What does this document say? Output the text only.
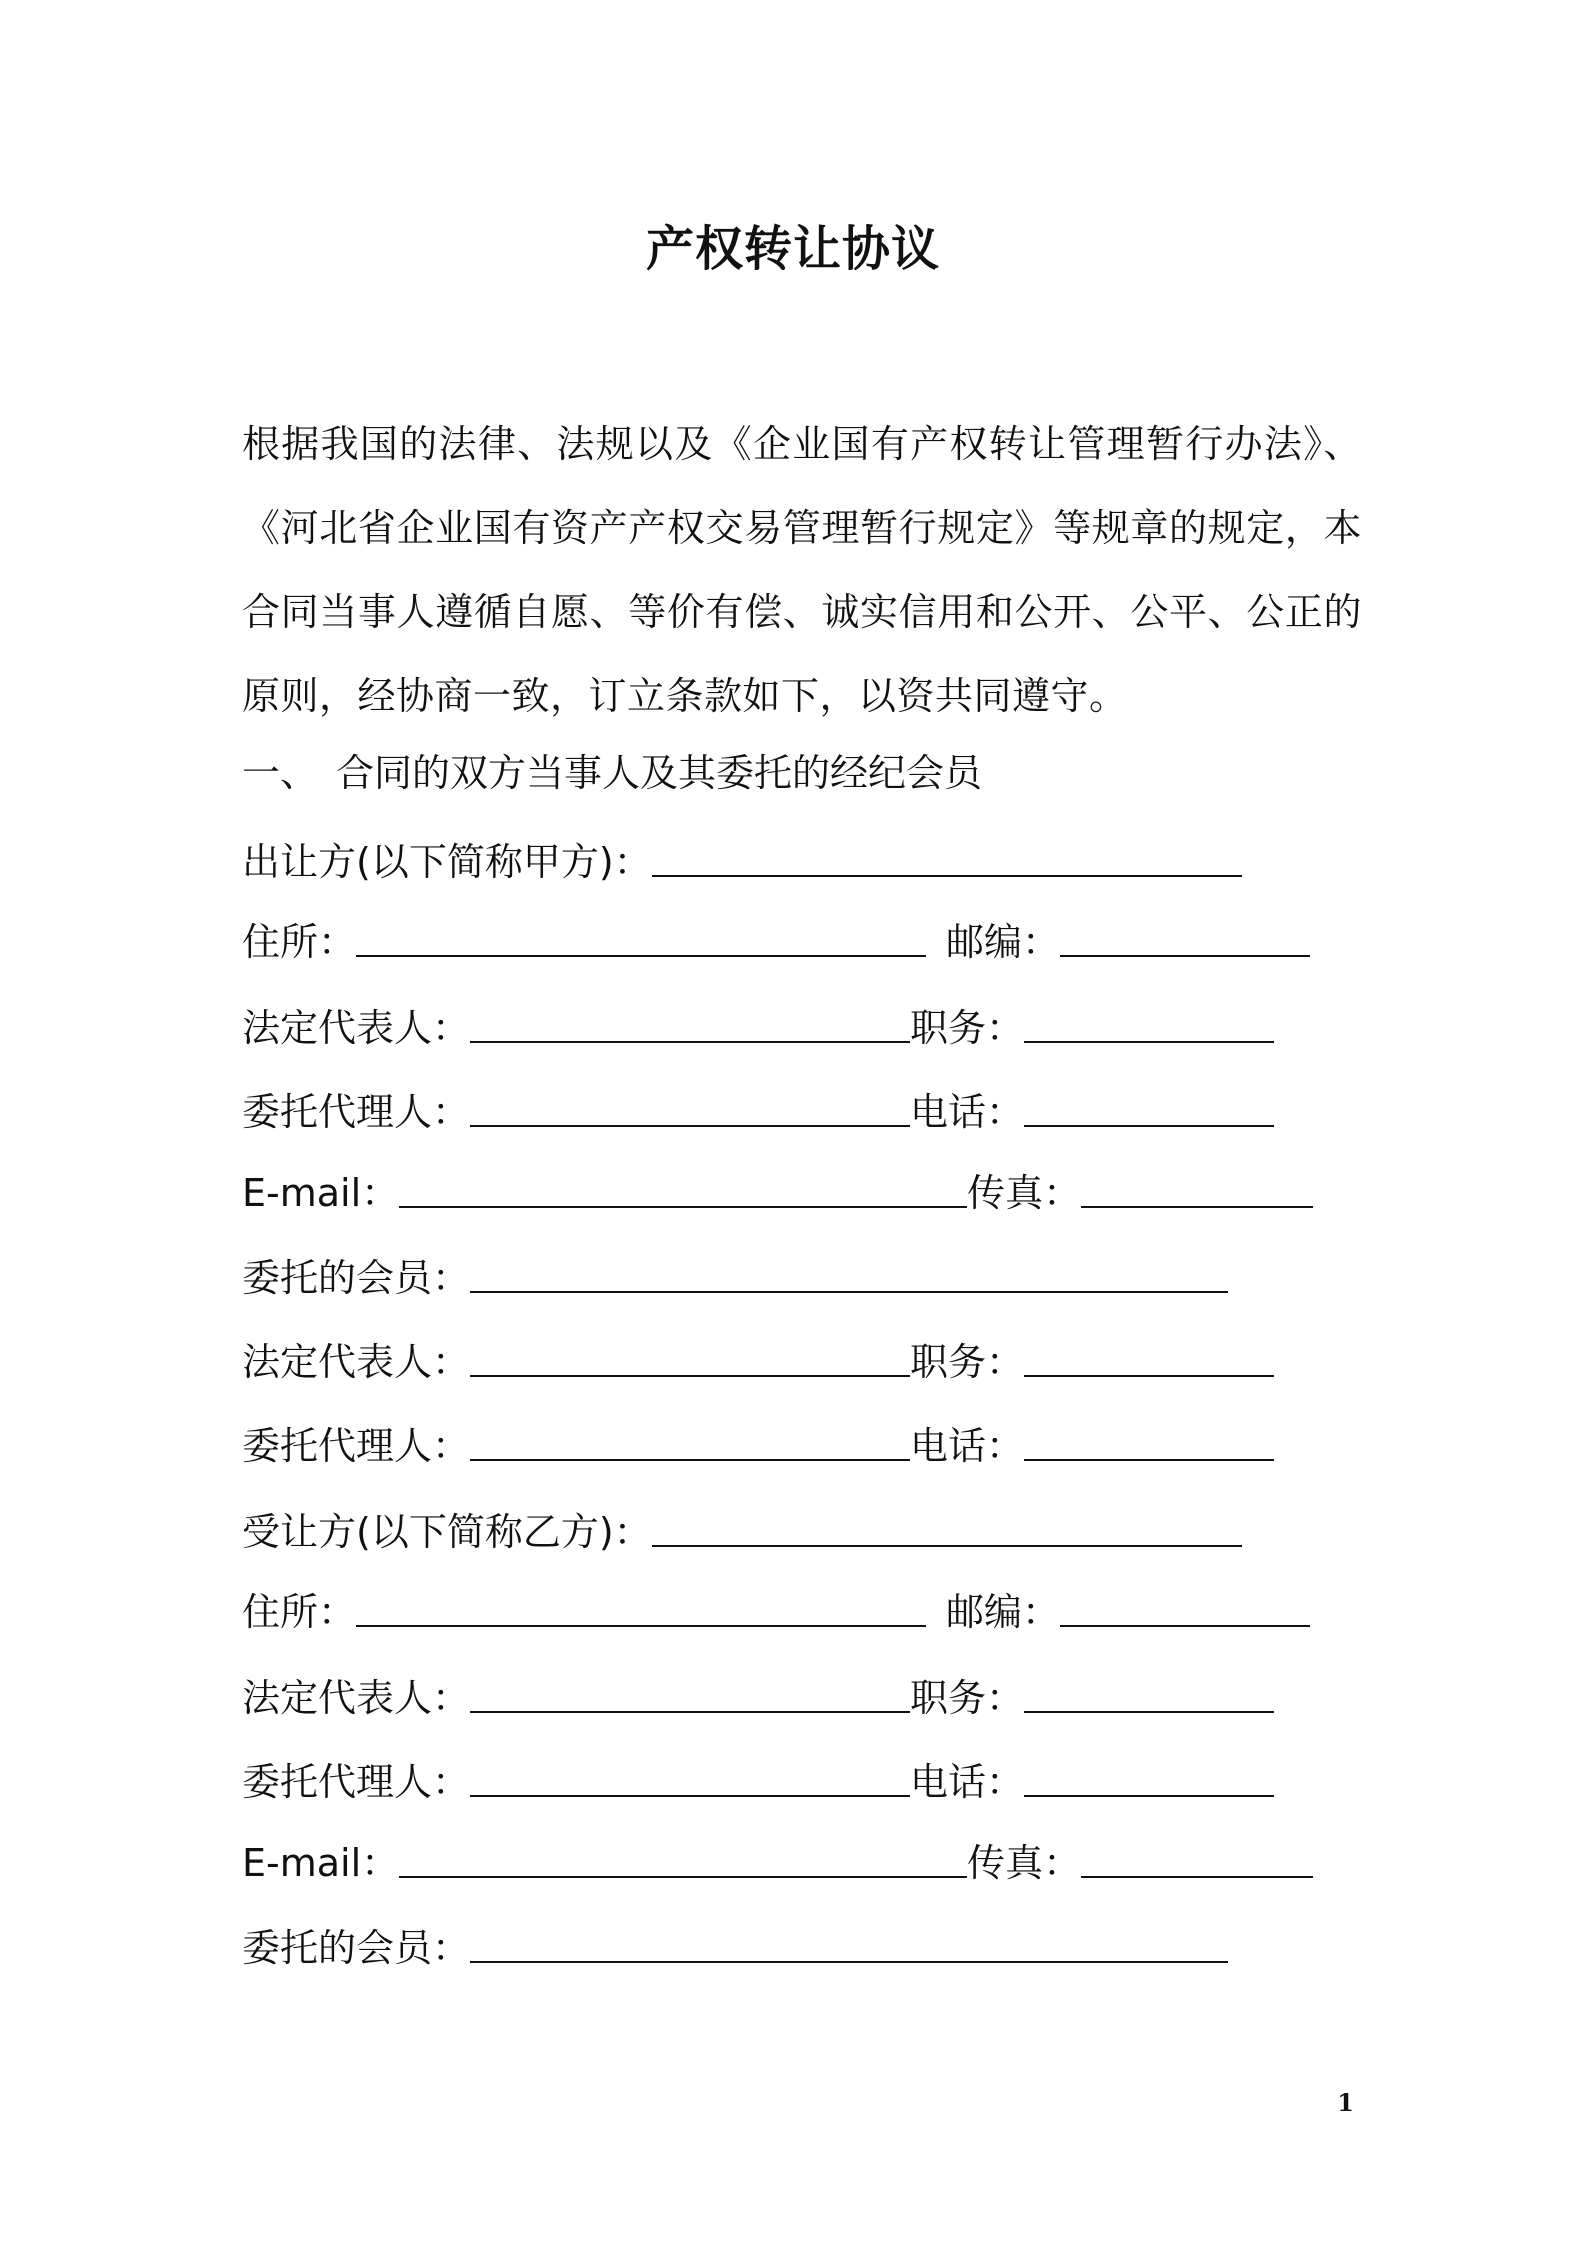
产权转让协议
根据我国的法律、法规以及《企业国有产权转让管理暂行办法》、《河北省企业国有资产产权交易管理暂行规定》等规章的规定，本合同当事人遵循自愿、等价有偿、诚实信用和公开、公平、公正的原则，经协商一致，订立条款如下，以资共同遵守。
一、 合同的双方当事人及其委托的经纪会员
出让方(以下简称甲方)：
住所：	邮编：
法定代表人：	职务：
委托代理人：	电话：
E-mail：	传真：
委托的会员：
法定代表人：	职务：
委托代理人：	电话：
受让方(以下简称乙方)：
住所：	邮编：
法定代表人：	职务：
委托代理人：	电话：
E-mail：	传真：
委托的会员：
1
